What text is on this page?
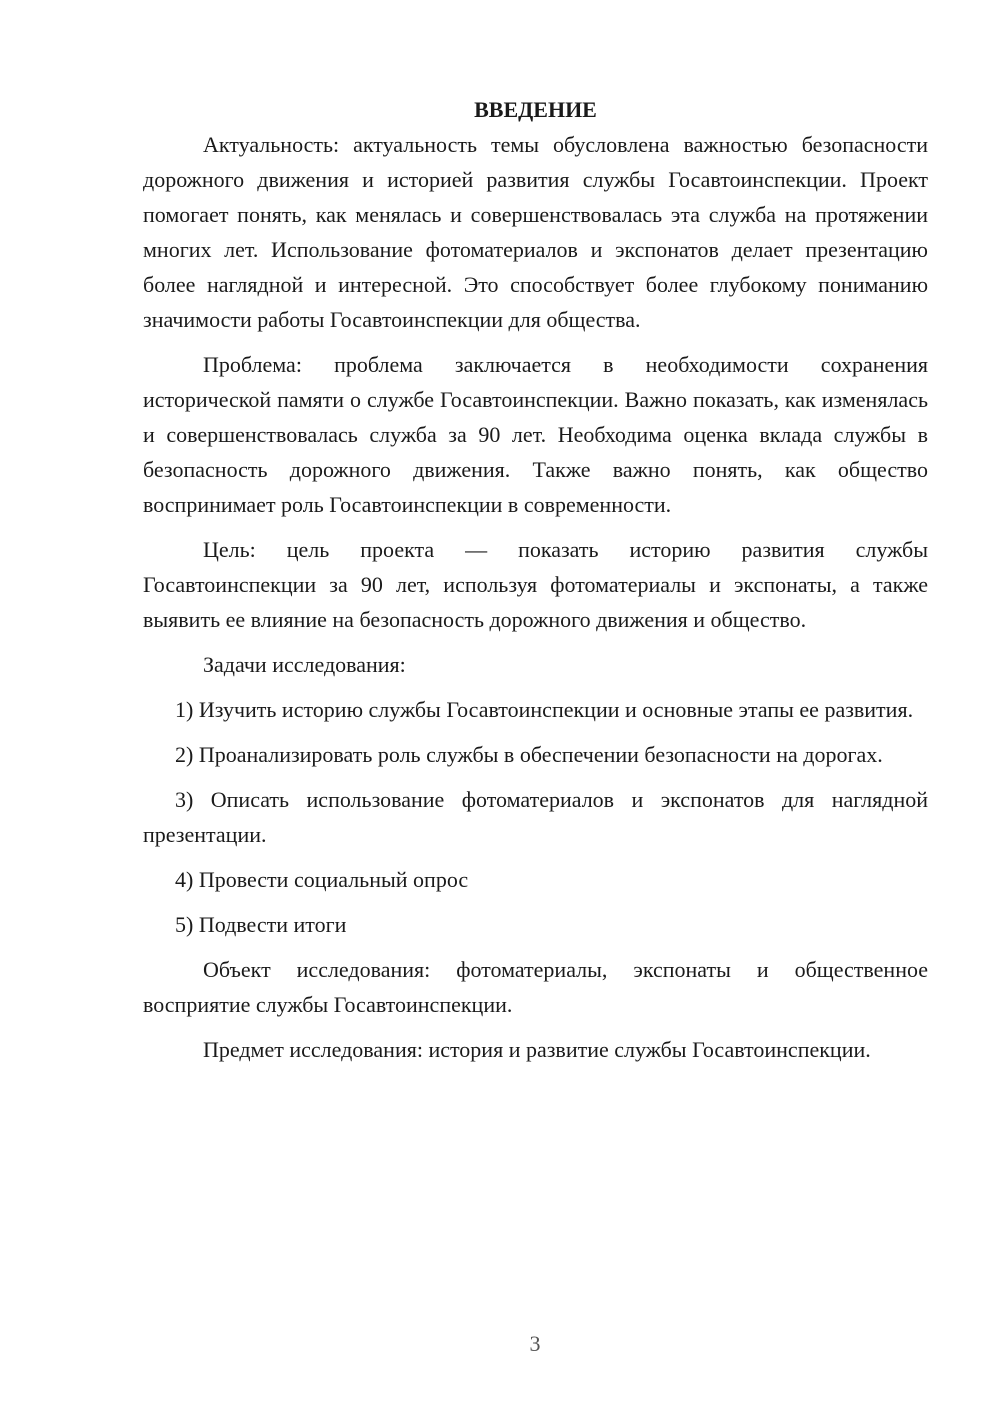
ВВЕДЕНИЕ

Актуальность: актуальность темы обусловлена важностью безопасности дорожного движения и историей развития службы Госавтоинспекции. Проект помогает понять, как менялась и совершенствовалась эта служба на протяжении многих лет. Использование фотоматериалов и экспонатов делает презентацию более наглядной и интересной. Это способствует более глубокому пониманию значимости работы Госавтоинспекции для общества.

Проблема: проблема заключается в необходимости сохранения исторической памяти о службе Госавтоинспекции. Важно показать, как изменялась и совершенствовалась служба за 90 лет. Необходима оценка вклада службы в безопасность дорожного движения. Также важно понять, как общество воспринимает роль Госавтоинспекции в современности.

Цель: цель проекта — показать историю развития службы Госавтоинспекции за 90 лет, используя фотоматериалы и экспонаты, а также выявить ее влияние на безопасность дорожного движения и общество.

Задачи исследования:

1) Изучить историю службы Госавтоинспекции и основные этапы ее развития.

2) Проанализировать роль службы в обеспечении безопасности на дорогах.

3) Описать использование фотоматериалов и экспонатов для наглядной презентации.

4) Провести социальный опрос

5) Подвести итоги

Объект исследования: фотоматериалы, экспонаты и общественное восприятие службы Госавтоинспекции.

Предмет исследования: история и развитие службы Госавтоинспекции.

3
